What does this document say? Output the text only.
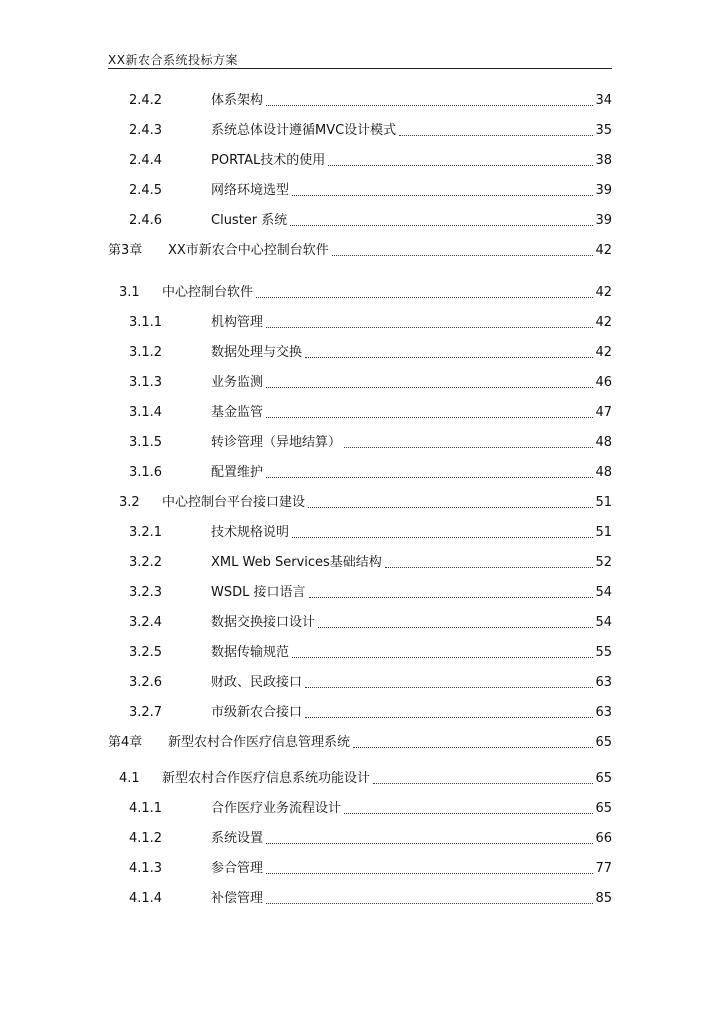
XX新农合系统投标方案
2.4.2	体系架构	34
2.4.3	系统总体设计遵循MVC设计模式	35
2.4.4	PORTAL技术的使用	38
2.4.5	网络环境选型	39
2.4.6	Cluster 系统	39
第3章	XX市新农合中心控制台软件	42
3.1	中心控制台软件	42
3.1.1	机构管理	42
3.1.2	数据处理与交换	42
3.1.3	业务监测	46
3.1.4	基金监管	47
3.1.5	转诊管理（异地结算）	48
3.1.6	配置维护	48
3.2	中心控制台平台接口建设	51
3.2.1	技术规格说明	51
3.2.2	XML Web Services基础结构	52
3.2.3	WSDL 接口语言	54
3.2.4	数据交换接口设计	54
3.2.5	数据传输规范	55
3.2.6	财政、民政接口	63
3.2.7	市级新农合接口	63
第4章	新型农村合作医疗信息管理系统	65
4.1	新型农村合作医疗信息系统功能设计	65
4.1.1	合作医疗业务流程设计	65
4.1.2	系统设置	66
4.1.3	参合管理	77
4.1.4	补偿管理	85
